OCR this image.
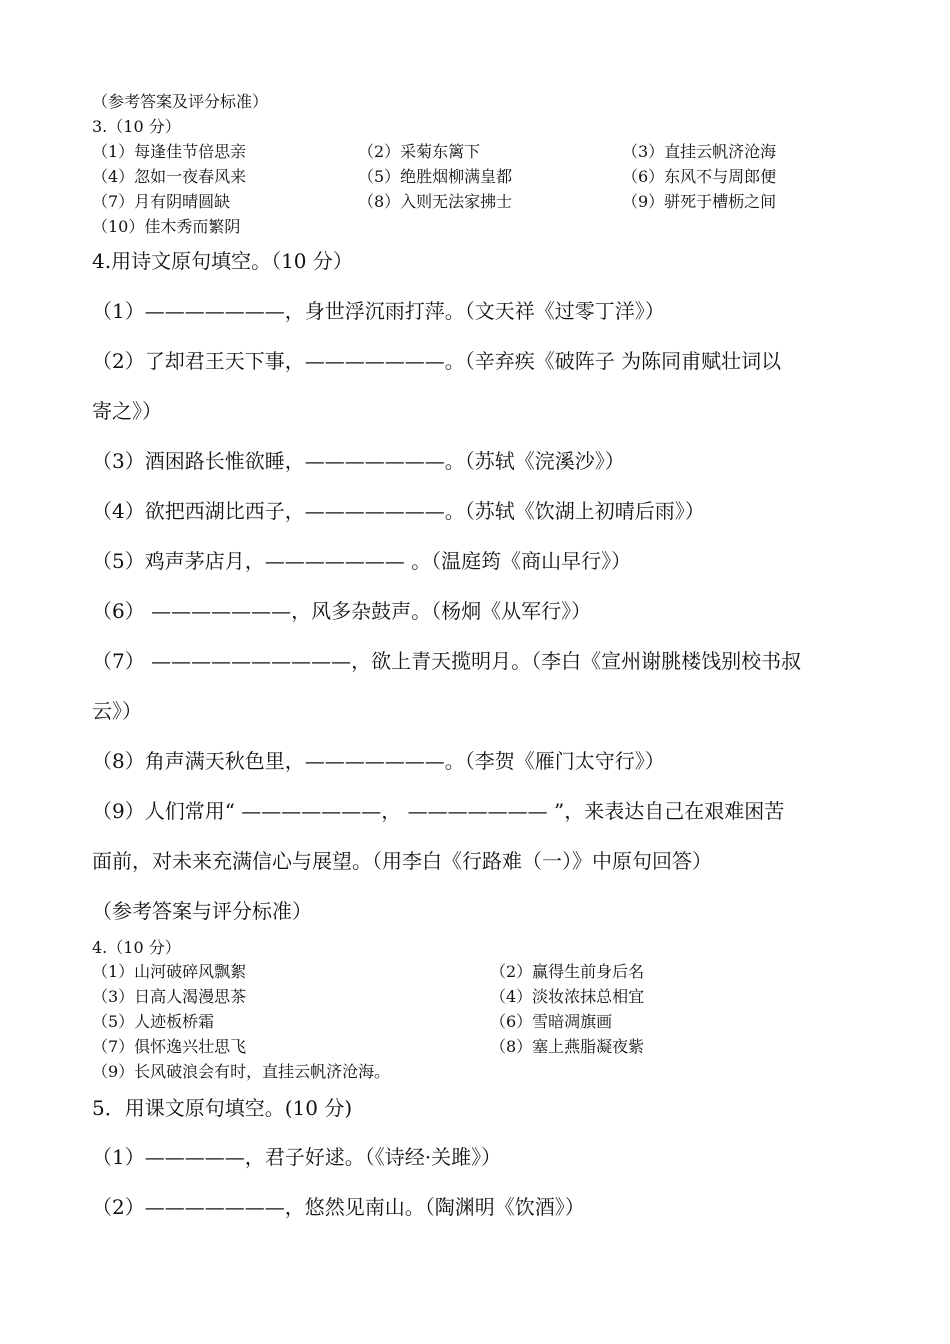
（参考答案及评分标准）
3.（10 分）
（1）每逢佳节倍思亲	（2）采菊东篱下	（3）直挂云帆济沧海
（4）忽如一夜春风来	（5）绝胜烟柳满皇都	（6）东风不与周郎便
（7）月有阴晴圆缺	（8）入则无法家拂士	（9）骈死于槽枥之间
（10）佳木秀而繁阴
4.用诗文原句填空。（10 分）
（1）———————，身世浮沉雨打萍。（文天祥《过零丁洋》）
（2）了却君王天下事，———————。（辛弃疾《破阵子 为陈同甫赋壮词以
寄之》）
（3）酒困路长惟欲睡，———————。（苏轼《浣溪沙》）
（4）欲把西湖比西子，———————。（苏轼《饮湖上初晴后雨》）
（5）鸡声茅店月，——————— 。（温庭筠《商山早行》）
（6） ———————，风多杂鼓声。（杨炯《从军行》）
（7） ——————————，欲上青天揽明月。（李白《宣州谢朓楼饯别校书叔
云》）
（8）角声满天秋色里，———————。（李贺《雁门太守行》）
（9）人们常用“ ———————， ——————— ”，来表达自己在艰难困苦
面前，对未来充满信心与展望。（用李白《行路难（一）》中原句回答）
（参考答案与评分标准）
4.（10 分）
（1）山河破碎风飘絮	（2）赢得生前身后名
（3）日高人渴漫思茶	（4）淡妆浓抹总相宜
（5）人迹板桥霜	（6）雪暗凋旗画
（7）俱怀逸兴壮思飞	（8）塞上燕脂凝夜紫
（9）长风破浪会有时，直挂云帆济沧海。
5．用课文原句填空。(10 分)
（1）—————，君子好逑。（《诗经·关雎》）
（2）———————，悠然见南山。（陶渊明《饮酒》）
